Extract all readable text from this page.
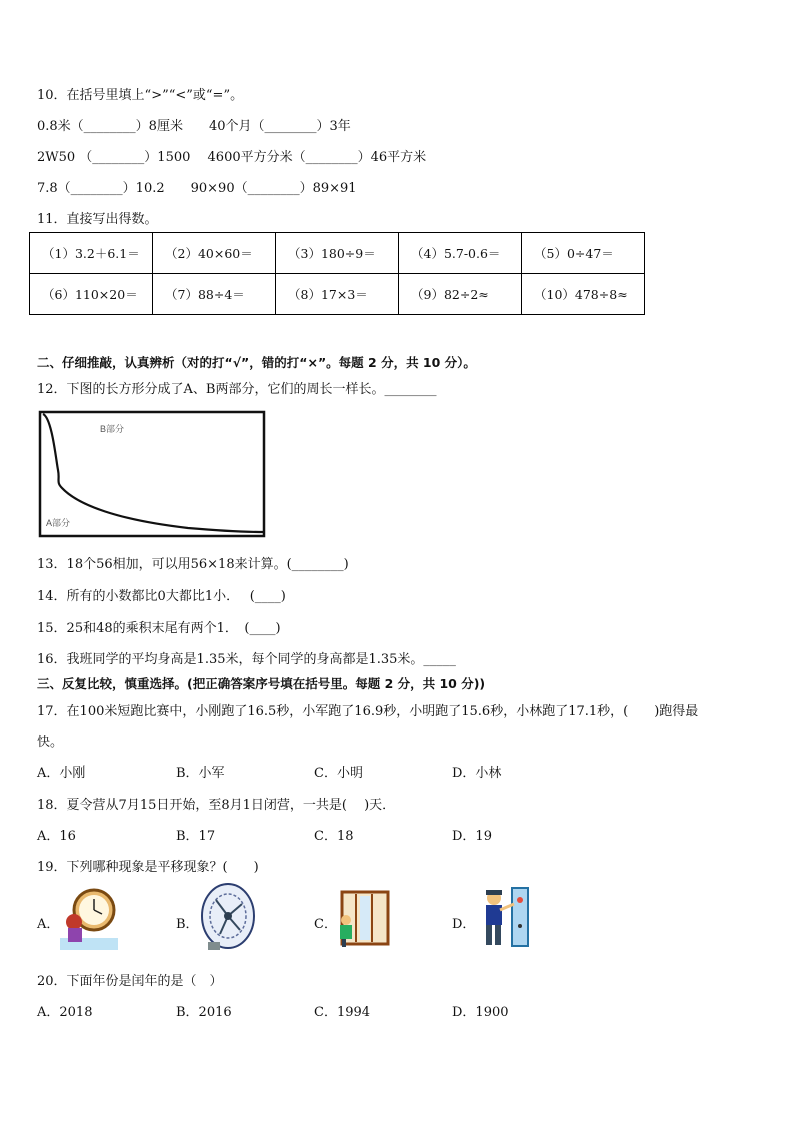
10．在括号里填上“>”“<”或“=”。
0.8米（________）8厘米　　40个月（________）3年
2W50 （________）1500　 4600平方分米（________）46平方米
7.8（________）10.2　　90×90（________）89×91
11．直接写出得数。
（1）3.2＋6.1＝	（2）40×60＝	（3）180÷9＝	（4）5.7-0.6＝	（5）0÷47＝
（6）110×20＝	（7）88÷4＝	（8）17×3＝	（9）82÷2≈	（10）478÷8≈
二、仔细推敲，认真辨析（对的打“√”，错的打“×”。每题 2 分，共 10 分）。
12．下图的长方形分成了A、B两部分，它们的周长一样长。________
B部分
A部分
13．18个56相加，可以用56×18来计算。(________)
14．所有的小数都比0大都比1小．　 (____)
15．25和48的乘积末尾有两个1．　(____)
16．我班同学的平均身高是1.35米，每个同学的身高都是1.35米。_____
三、反复比较，慎重选择。(把正确答案序号填在括号里。每题 2 分，共 10 分))
17．在100米短跑比赛中，小刚跑了16.5秒，小军跑了16.9秒，小明跑了15.6秒，小林跑了17.1秒，(　　)跑得最
快。
A．小刚	B．小军	C．小明	D．小林
18．夏令营从7月15日开始，至8月1日闭营，一共是(　 )天．
A．16	B．17	C．18	D．19
19．下列哪种现象是平移现象？(　　)
A．	B．	C．	D．
20．下面年份是闰年的是（　）
A．2018	B．2016	C．1994	D．1900
